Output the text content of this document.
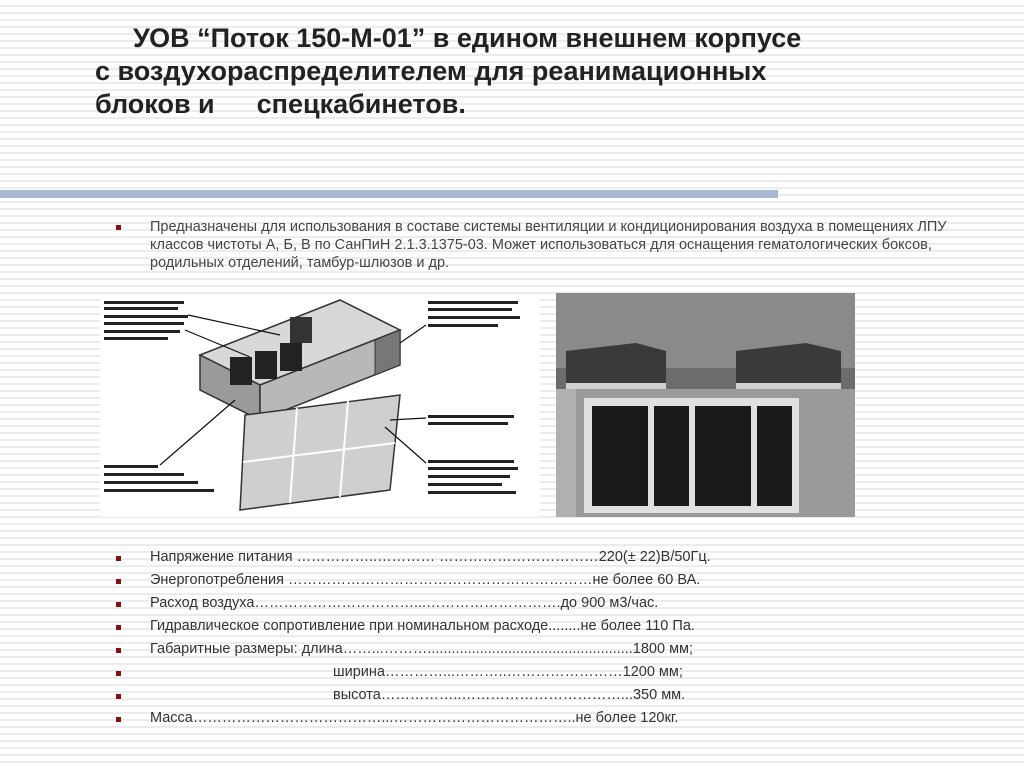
УОВ “Поток 150-М-01” в едином внешнем корпусе
с воздухораспределителем для реанимационных
блоков и спецкабинетов.
Предназначены для использования в составе системы вентиляции и кондиционирования воздуха в помещениях ЛПУ классов чистоты А, Б, В по СанПиН 2.1.3.1375-03. Может использоваться для оснащения гематологических боксов, родильных отделений, тамбур-шлюзов и др.
Напряжение питания ……………..………… ……………………………220(± 22)В/50Гц.
Энергопотребления ………………………………………………………не более 60 ВА.
Расход воздуха……………………………...……………………….до 900 м3/час.
Гидравлическое сопротивление при номинальном расходе........не более 110 Па.
Габаритные размеры: длина……...………...................................................1800 мм;
ширина…………...………..……………………1200 мм;
высота……………..……………………………...350 мм.
Масса…………………………………...………………………………..не более 120кг.
